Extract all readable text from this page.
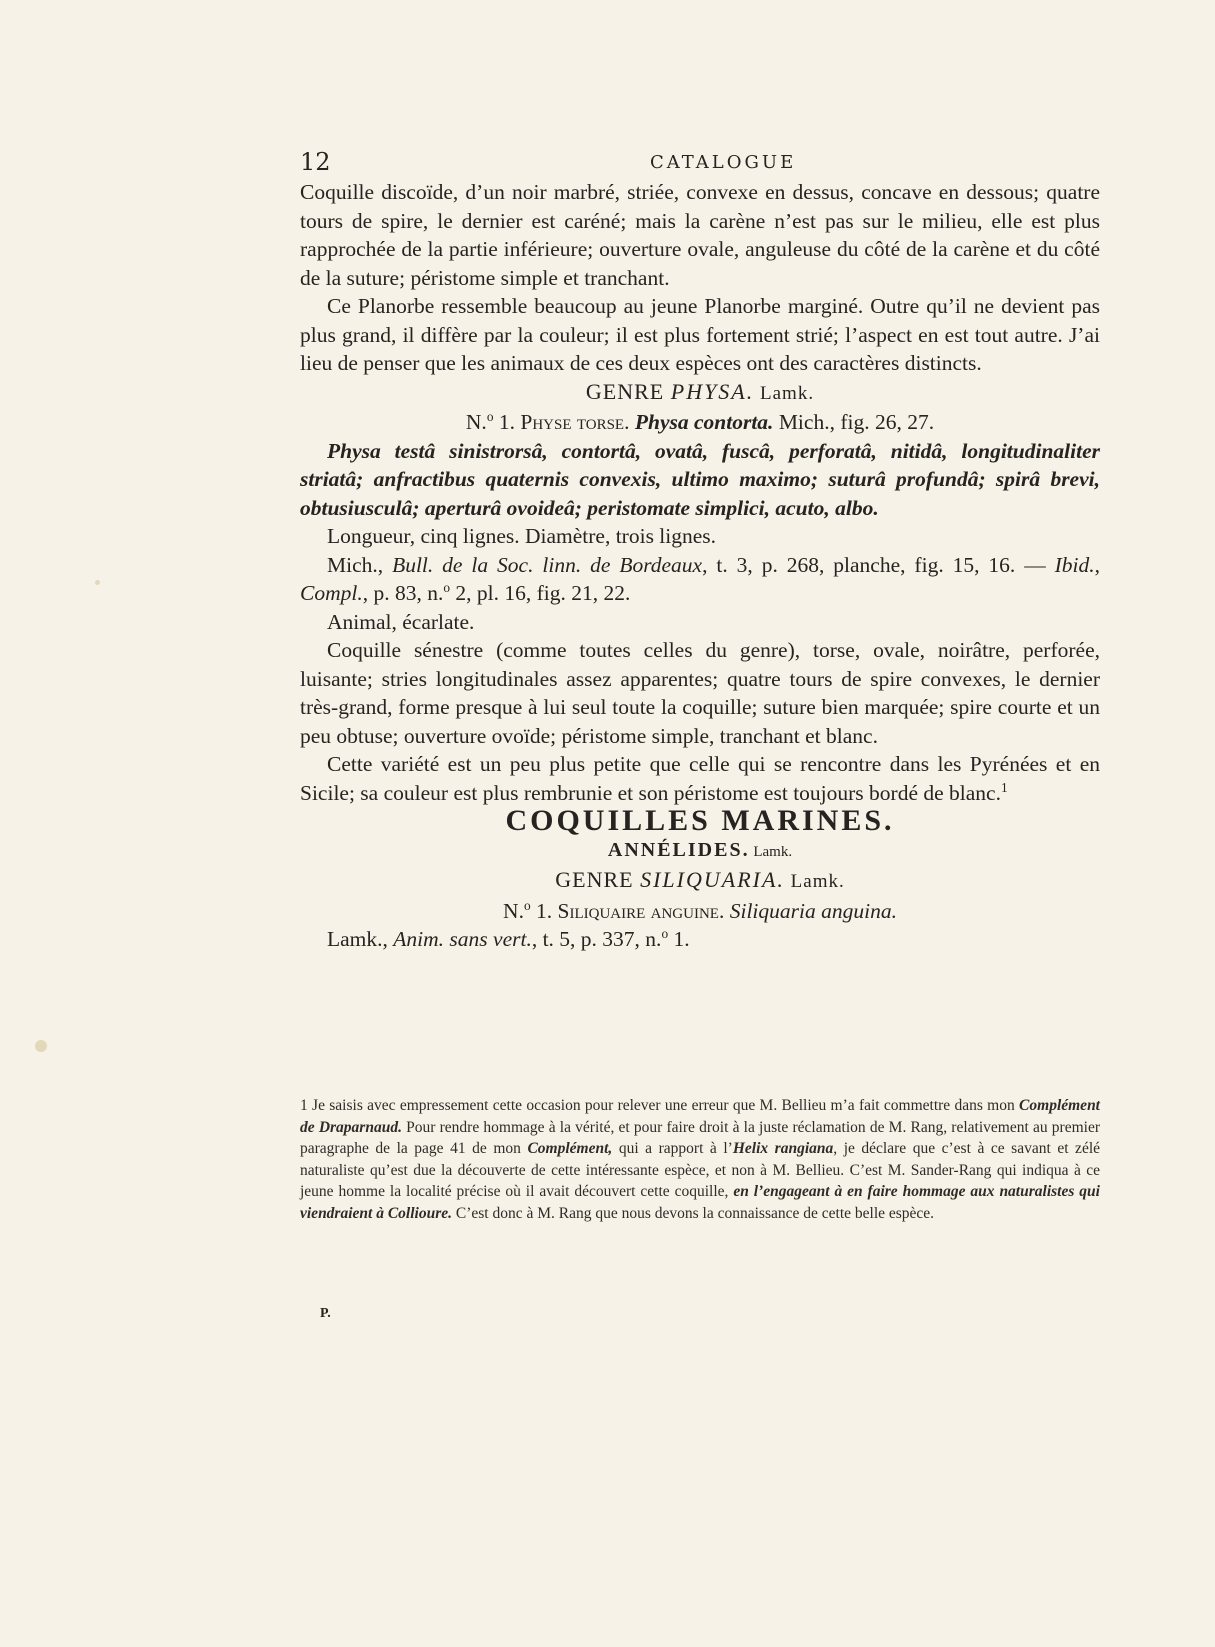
12	CATALOGUE

Coquille discoïde, d’un noir marbré, striée, convexe en dessus, concave en dessous; quatre tours de spire, le dernier est caréné; mais la carène n’est pas sur le milieu, elle est plus rapprochée de la partie inférieure; ouverture ovale, anguleuse du côté de la carène et du côté de la suture; péristome simple et tranchant.

Ce Planorbe ressemble beaucoup au jeune Planorbe marginé. Outre qu’il ne devient pas plus grand, il diffère par la couleur; il est plus fortement strié; l’aspect en est tout autre. J’ai lieu de penser que les animaux de ces deux espèces ont des caractères distincts.

GENRE PHYSA. Lamk.

N.$^o$ 1. Physe torse. Physa contorta. Mich., fig. 26, 27.

Physa testâ sinistrorsâ, contortâ, ovatâ, fuscâ, perforatâ, nitidâ, longitudinaliter striatâ; anfractibus quaternis convexis, ultimo maximo; suturâ profundâ; spirâ brevi, obtusiusculâ; aperturâ ovoideâ; peristomate simplici, acuto, albo.

Longueur, cinq lignes. Diamètre, trois lignes.

Mich., Bull. de la Soc. linn. de Bordeaux, t. 3, p. 268, planche, fig. 15, 16. — Ibid., Compl., p. 83, n.$^o$ 2, pl. 16, fig. 21, 22.

Animal, écarlate.

Coquille sénestre (comme toutes celles du genre), torse, ovale, noirâtre, perforée, luisante; stries longitudinales assez apparentes; quatre tours de spire convexes, le dernier très-grand, forme presque à lui seul toute la coquille; suture bien marquée; spire courte et un peu obtuse; ouverture ovoïde; péristome simple, tranchant et blanc.

Cette variété est un peu plus petite que celle qui se rencontre dans les Pyrénées et en Sicile; sa couleur est plus rembrunie et son péristome est toujours bordé de blanc.$^1$

COQUILLES MARINES.

ANNÉLIDES. Lamk.

GENRE SILIQUARIA. Lamk.

N.$^o$ 1. Siliquaire anguine. Siliquaria anguina.

Lamk., Anim. sans vert., t. 5, p. 337, n.$^o$ 1.

1 Je saisis avec empressement cette occasion pour relever une erreur que M. Bellieu m’a fait commettre dans mon Complément de Draparnaud. Pour rendre hommage à la vérité, et pour faire droit à la juste réclamation de M. Rang, relativement au premier paragraphe de la page 41 de mon Complément, qui a rapport à l’Helix rangiana, je déclare que c’est à ce savant et zélé naturaliste qu’est due la découverte de cette intéressante espèce, et non à M. Bellieu. C’est M. Sander-Rang qui indiqua à ce jeune homme la localité précise où il avait découvert cette coquille, en l’engageant à en faire hommage aux naturalistes qui viendraient à Collioure. C’est donc à M. Rang que nous devons la connaissance de cette belle espèce.

P.
